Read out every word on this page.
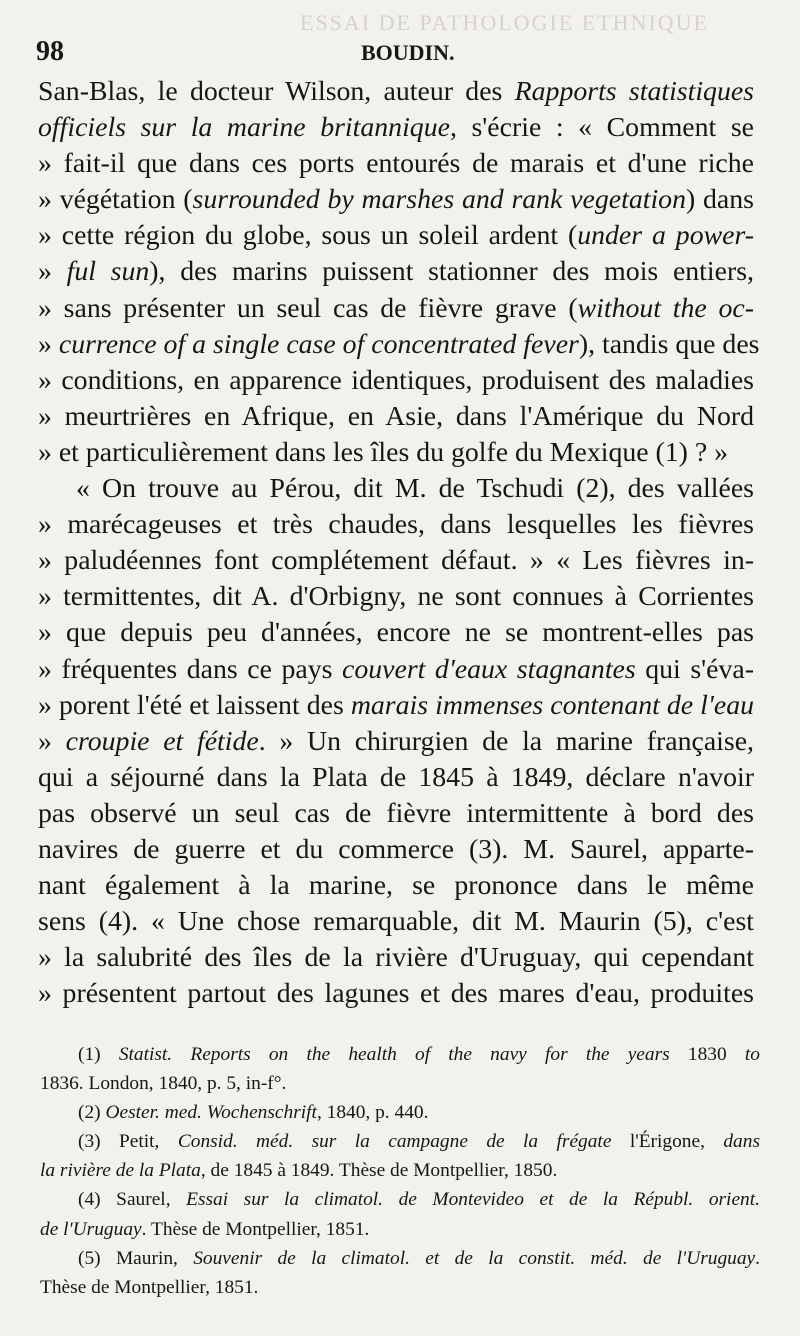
ESSAI DE PATHOLOGIE ETHNIQUE
98	BOUDIN.
San-Blas, le docteur Wilson, auteur des Rapports statistiques
officiels sur la marine britannique, s'écrie : « Comment se
» fait-il que dans ces ports entourés de marais et d'une riche
» végétation (surrounded by marshes and rank vegetation) dans
» cette région du globe, sous un soleil ardent (under a power-
» ful sun), des marins puissent stationner des mois entiers,
» sans présenter un seul cas de fièvre grave (without the oc-
» currence of a single case of concentrated fever), tandis que des
» conditions, en apparence identiques, produisent des maladies
» meurtrières en Afrique, en Asie, dans l'Amérique du Nord
» et particulièrement dans les îles du golfe du Mexique (1) ? »
« On trouve au Pérou, dit M. de Tschudi (2), des vallées
» marécageuses et très chaudes, dans lesquelles les fièvres
» paludéennes font complétement défaut. » « Les fièvres in-
» termittentes, dit A. d'Orbigny, ne sont connues à Corrientes
» que depuis peu d'années, encore ne se montrent-elles pas
» fréquentes dans ce pays couvert d'eaux stagnantes qui s'éva-
» porent l'été et laissent des marais immenses contenant de l'eau
» croupie et fétide. » Un chirurgien de la marine française,
qui a séjourné dans la Plata de 1845 à 1849, déclare n'avoir
pas observé un seul cas de fièvre intermittente à bord des
navires de guerre et du commerce (3). M. Saurel, apparte-
nant également à la marine, se prononce dans le même
sens (4). « Une chose remarquable, dit M. Maurin (5), c'est
» la salubrité des îles de la rivière d'Uruguay, qui cependant
» présentent partout des lagunes et des mares d'eau, produites
(1) Statist. Reports on the health of the navy for the years 1830 to
1836. London, 1840, p. 5, in-f°.
(2) Oester. med. Wochenschrift, 1840, p. 440.
(3) Petit, Consid. méd. sur la campagne de la frégate l'Érigone, dans
la rivière de la Plata, de 1845 à 1849. Thèse de Montpellier, 1850.
(4) Saurel, Essai sur la climatol. de Montevideo et de la Républ. orient.
de l'Uruguay. Thèse de Montpellier, 1851.
(5) Maurin, Souvenir de la climatol. et de la constit. méd. de l'Uruguay.
Thèse de Montpellier, 1851.
